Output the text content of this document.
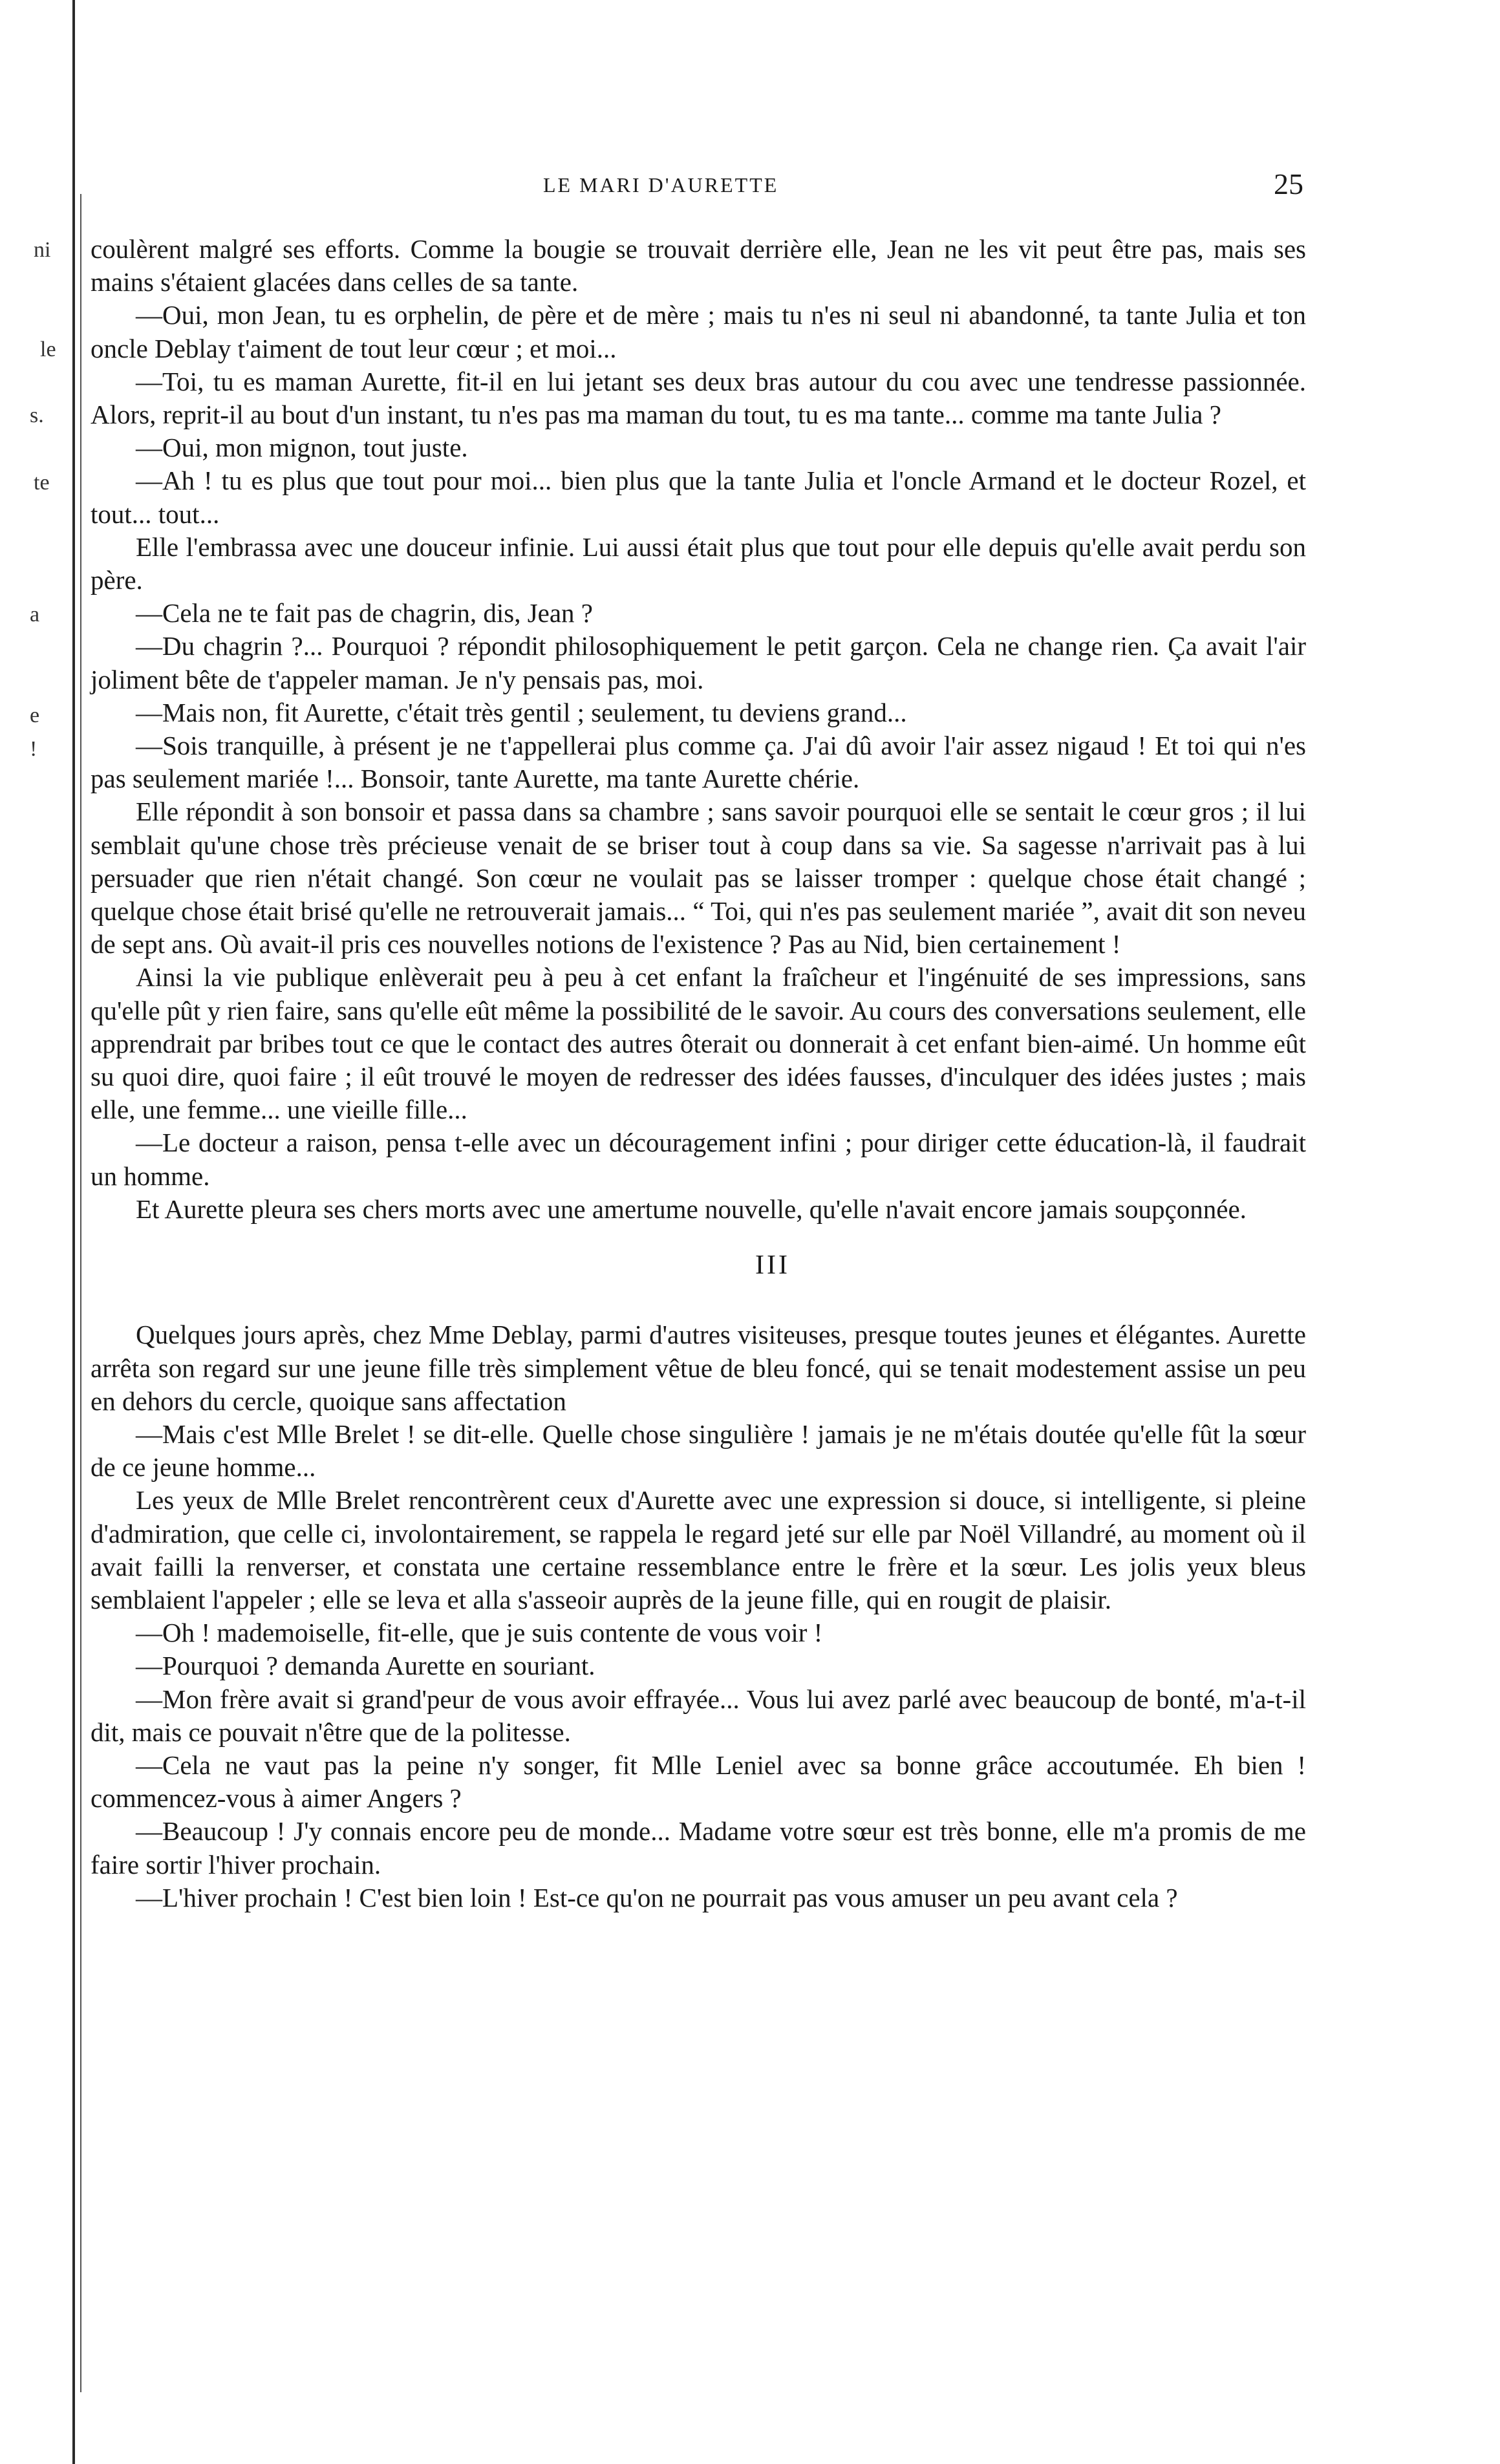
LE MARI D'AURETTE	25
ni
le
s.
te
a
e
!

coulèrent malgré ses efforts. Comme la bougie se trouvait derrière elle, Jean ne les vit peut être pas, mais ses mains s'étaient glacées dans celles de sa tante.

—Oui, mon Jean, tu es orphelin, de père et de mère ; mais tu n'es ni seul ni abandonné, ta tante Julia et ton oncle Deblay t'aiment de tout leur cœur ; et moi...

—Toi, tu es maman Aurette, fit-il en lui jetant ses deux bras autour du cou avec une tendresse passionnée. Alors, reprit-il au bout d'un instant, tu n'es pas ma maman du tout, tu es ma tante... comme ma tante Julia ?

—Oui, mon mignon, tout juste.

—Ah ! tu es plus que tout pour moi... bien plus que la tante Julia et l'oncle Armand et le docteur Rozel, et tout... tout...

Elle l'embrassa avec une douceur infinie. Lui aussi était plus que tout pour elle depuis qu'elle avait perdu son père.

—Cela ne te fait pas de chagrin, dis, Jean ?

—Du chagrin ?... Pourquoi ? répondit philosophiquement le petit garçon. Cela ne change rien. Ça avait l'air joliment bête de t'appeler maman. Je n'y pensais pas, moi.

—Mais non, fit Aurette, c'était très gentil ; seulement, tu deviens grand...

—Sois tranquille, à présent je ne t'appellerai plus comme ça. J'ai dû avoir l'air assez nigaud ! Et toi qui n'es pas seulement mariée !... Bonsoir, tante Aurette, ma tante Aurette chérie.

Elle répondit à son bonsoir et passa dans sa chambre ; sans savoir pourquoi elle se sentait le cœur gros ; il lui semblait qu'une chose très précieuse venait de se briser tout à coup dans sa vie. Sa sagesse n'arrivait pas à lui persuader que rien n'était changé. Son cœur ne voulait pas se laisser tromper : quelque chose était changé ; quelque chose était brisé qu'elle ne retrouverait jamais... “ Toi, qui n'es pas seulement mariée ”, avait dit son neveu de sept ans. Où avait-il pris ces nouvelles notions de l'existence ? Pas au Nid, bien certainement !

Ainsi la vie publique enlèverait peu à peu à cet enfant la fraîcheur et l'ingénuité de ses impressions, sans qu'elle pût y rien faire, sans qu'elle eût même la possibilité de le savoir. Au cours des conversations seulement, elle apprendrait par bribes tout ce que le contact des autres ôterait ou donnerait à cet enfant bien-aimé. Un homme eût su quoi dire, quoi faire ; il eût trouvé le moyen de redresser des idées fausses, d'inculquer des idées justes ; mais elle, une femme... une vieille fille...

—Le docteur a raison, pensa t-elle avec un découragement infini ; pour diriger cette éducation-là, il faudrait un homme.

Et Aurette pleura ses chers morts avec une amertume nouvelle, qu'elle n'avait encore jamais soupçonnée.

III

Quelques jours après, chez Mme Deblay, parmi d'autres visiteuses, presque toutes jeunes et élégantes. Aurette arrêta son regard sur une jeune fille très simplement vêtue de bleu foncé, qui se tenait modestement assise un peu en dehors du cercle, quoique sans affectation

—Mais c'est Mlle Brelet ! se dit-elle. Quelle chose singulière ! jamais je ne m'étais doutée qu'elle fût la sœur de ce jeune homme...

Les yeux de Mlle Brelet rencontrèrent ceux d'Aurette avec une expression si douce, si intelligente, si pleine d'admiration, que celle ci, involontairement, se rappela le regard jeté sur elle par Noël Villandré, au moment où il avait failli la renverser, et constata une certaine ressemblance entre le frère et la sœur. Les jolis yeux bleus semblaient l'appeler ; elle se leva et alla s'asseoir auprès de la jeune fille, qui en rougit de plaisir.

—Oh ! mademoiselle, fit-elle, que je suis contente de vous voir !

—Pourquoi ? demanda Aurette en souriant.

—Mon frère avait si grand'peur de vous avoir effrayée... Vous lui avez parlé avec beaucoup de bonté, m'a-t-il dit, mais ce pouvait n'être que de la politesse.

—Cela ne vaut pas la peine n'y songer, fit Mlle Leniel avec sa bonne grâce accoutumée. Eh bien ! commencez-vous à aimer Angers ?

—Beaucoup ! J'y connais encore peu de monde... Madame votre sœur est très bonne, elle m'a promis de me faire sortir l'hiver prochain.

—L'hiver prochain ! C'est bien loin ! Est-ce qu'on ne pourrait pas vous amuser un peu avant cela ?
